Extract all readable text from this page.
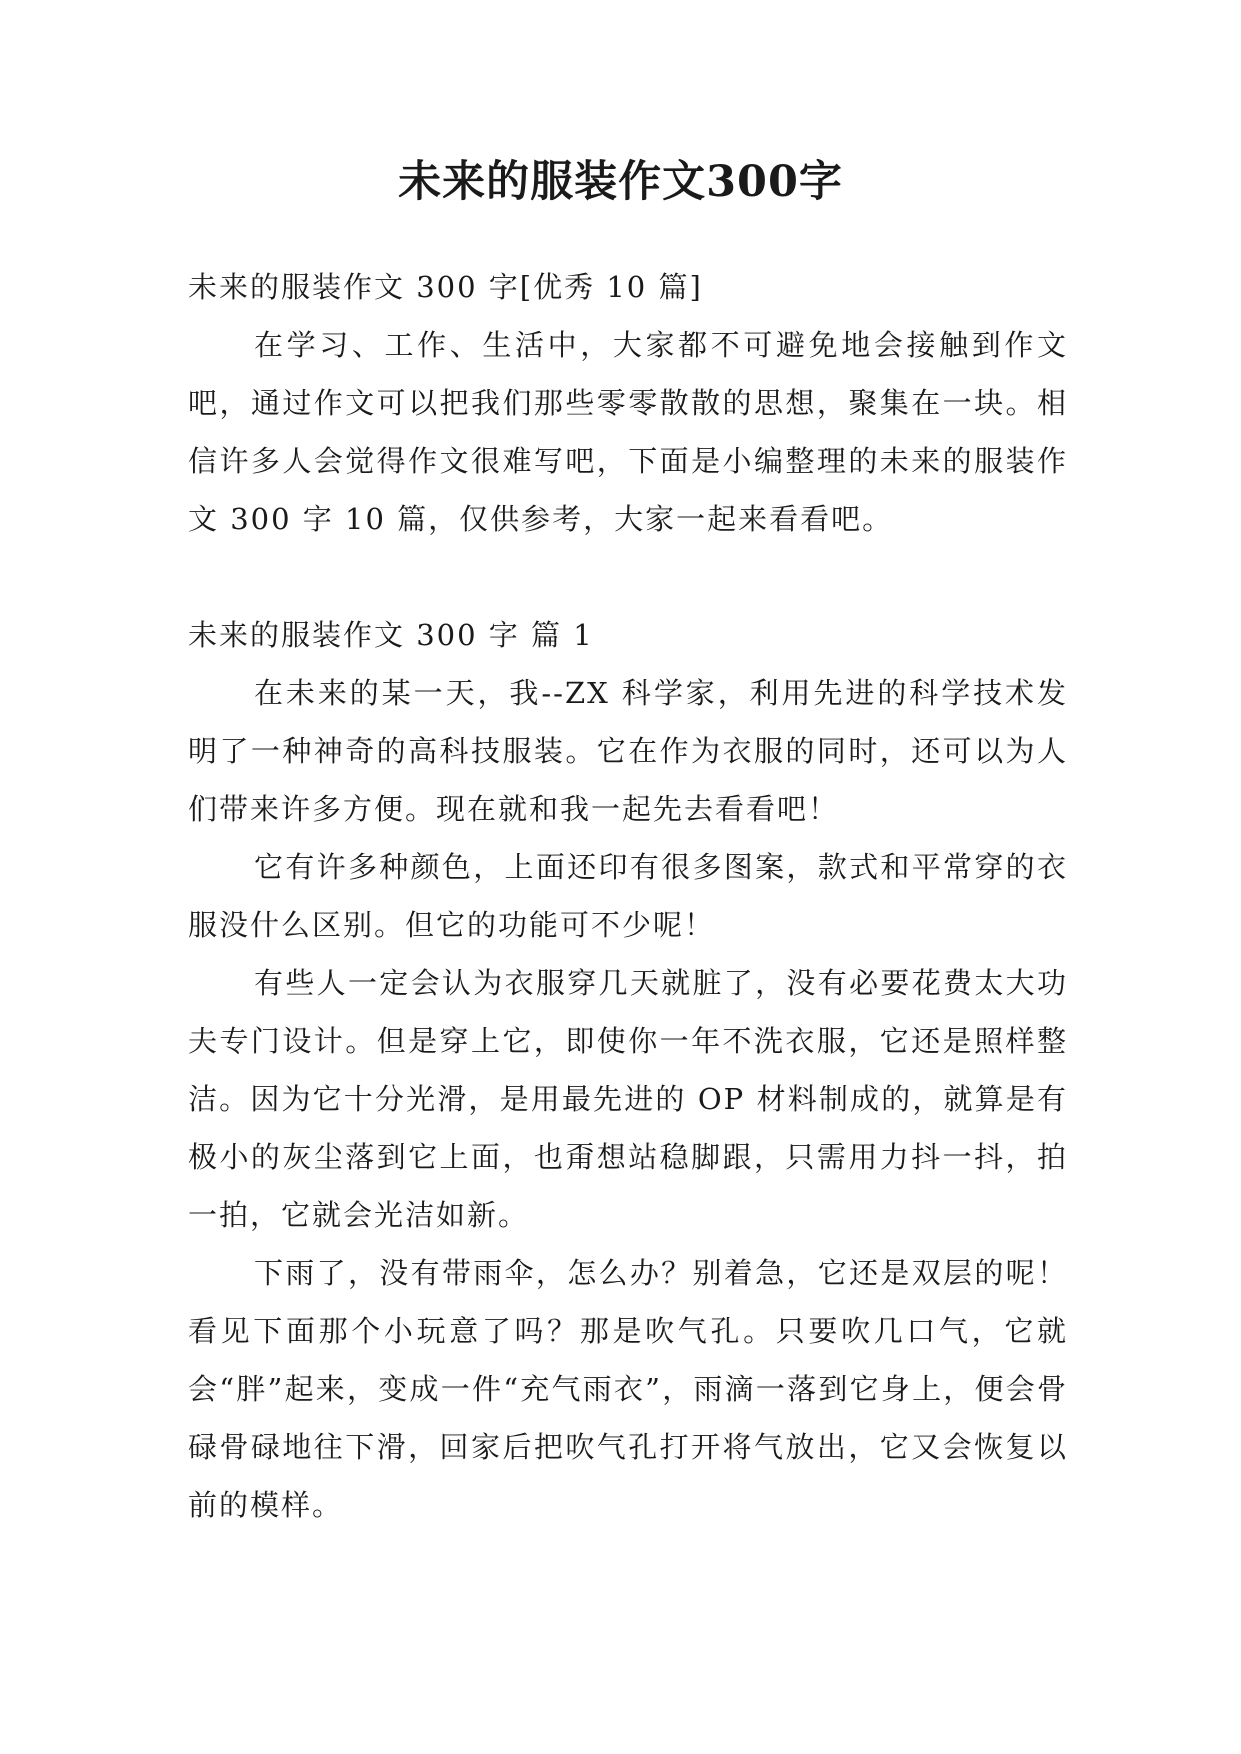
未来的服装作文300字

未来的服装作文 300 字[优秀 10 篇]

在学习、工作、生活中，大家都不可避免地会接触到作文吧，通过作文可以把我们那些零零散散的思想，聚集在一块。相信许多人会觉得作文很难写吧，下面是小编整理的未来的服装作文 300 字 10 篇，仅供参考，大家一起来看看吧。

未来的服装作文 300 字 篇 1

在未来的某一天，我--ZX 科学家，利用先进的科学技术发明了一种神奇的高科技服装。它在作为衣服的同时，还可以为人们带来许多方便。现在就和我一起先去看看吧！

它有许多种颜色，上面还印有很多图案，款式和平常穿的衣服没什么区别。但它的功能可不少呢！

有些人一定会认为衣服穿几天就脏了，没有必要花费太大功夫专门设计。但是穿上它，即使你一年不洗衣服，它还是照样整洁。因为它十分光滑，是用最先进的 OP 材料制成的，就算是有极小的灰尘落到它上面，也甭想站稳脚跟，只需用力抖一抖，拍一拍，它就会光洁如新。

下雨了，没有带雨伞，怎么办？别着急，它还是双层的呢！看见下面那个小玩意了吗？那是吹气孔。只要吹几口气，它就会“胖”起来，变成一件“充气雨衣”，雨滴一落到它身上，便会骨碌骨碌地往下滑，回家后把吹气孔打开将气放出，它又会恢复以前的模样。
